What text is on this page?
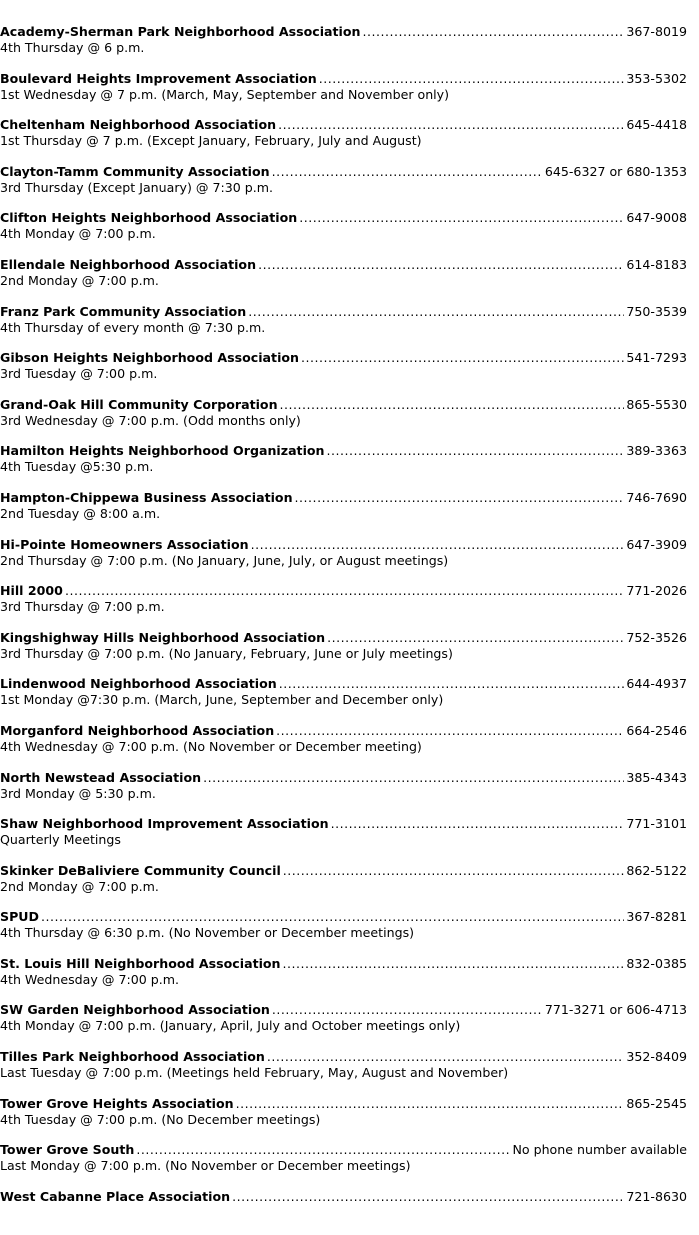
Academy-Sherman Park Neighborhood Association .....	367-8019
4th Thursday @ 6 p.m.
Boulevard Heights Improvement Association .....	353-5302
1st Wednesday @ 7 p.m. (March, May, September and November only)
Cheltenham Neighborhood Association .....	645-4418
1st Thursday @ 7 p.m. (Except January, February, July and August)
Clayton-Tamm Community Association .....	645-6327 or 680-1353
3rd Thursday (Except January) @ 7:30 p.m.
Clifton Heights Neighborhood Association .....	647-9008
4th Monday @ 7:00 p.m.
Ellendale Neighborhood Association .....	614-8183
2nd Monday @ 7:00 p.m.
Franz Park Community Association .....	750-3539
4th Thursday of every month @ 7:30 p.m.
Gibson Heights Neighborhood Association .....	541-7293
3rd Tuesday @ 7:00 p.m.
Grand-Oak Hill Community Corporation .....	865-5530
3rd Wednesday @ 7:00 p.m. (Odd months only)
Hamilton Heights Neighborhood Organization .....	389-3363
4th Tuesday @5:30 p.m.
Hampton-Chippewa Business Association .....	746-7690
2nd Tuesday @ 8:00 a.m.
Hi-Pointe Homeowners Association .....	647-3909
2nd Thursday @ 7:00 p.m. (No January, June, July, or August meetings)
Hill 2000 .....	771-2026
3rd Thursday @ 7:00 p.m.
Kingshighway Hills Neighborhood Association .....	752-3526
3rd Thursday @ 7:00 p.m. (No January, February, June or July meetings)
Lindenwood Neighborhood Association .....	644-4937
1st Monday @7:30 p.m. (March, June, September and December only)
Morganford Neighborhood Association .....	664-2546
4th Wednesday @ 7:00 p.m. (No November or December meeting)
North Newstead Association .....	385-4343
3rd Monday @ 5:30 p.m.
Shaw Neighborhood Improvement Association .....	771-3101
Quarterly Meetings
Skinker DeBaliviere Community Council .....	862-5122
2nd Monday @ 7:00 p.m.
SPUD .....	367-8281
4th Thursday @ 6:30 p.m. (No November or December meetings)
St. Louis Hill Neighborhood Association .....	832-0385
4th Wednesday @ 7:00 p.m.
SW Garden Neighborhood Association .....	771-3271 or 606-4713
4th Monday @ 7:00 p.m. (January, April, July and October meetings only)
Tilles Park Neighborhood Association .....	352-8409
Last Tuesday @ 7:00 p.m. (Meetings held February, May, August and November)
Tower Grove Heights Association .....	865-2545
4th Tuesday @ 7:00 p.m. (No December meetings)
Tower Grove South .....	No phone number available
Last Monday @ 7:00 p.m. (No November or December meetings)
West Cabanne Place Association .....	721-8630
